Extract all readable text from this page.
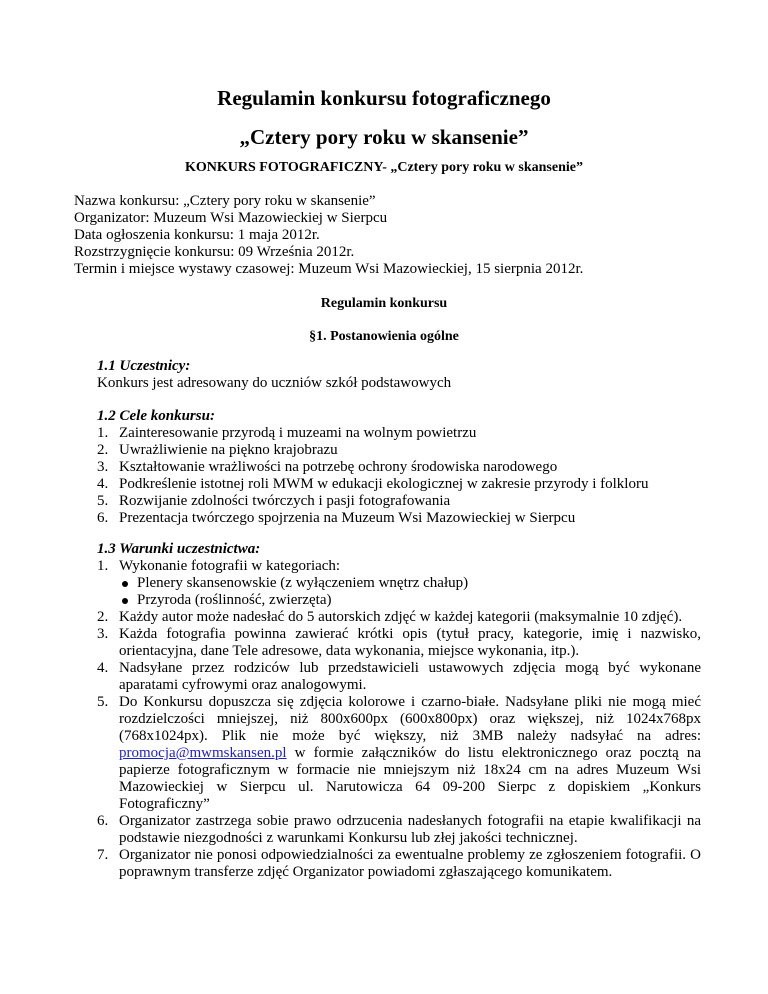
Regulamin konkursu fotograficznego
„Cztery pory roku w skansenie”
KONKURS FOTOGRAFICZNY- „Cztery pory roku w skansenie”
Nazwa konkursu: „Cztery pory roku w skansenie”
Organizator: Muzeum Wsi Mazowieckiej w Sierpcu
Data ogłoszenia konkursu: 1 maja 2012r.
Rozstrzygnięcie konkursu: 09 Września 2012r.
Termin i miejsce wystawy czasowej: Muzeum Wsi Mazowieckiej, 15 sierpnia 2012r.
Regulamin konkursu
§1. Postanowienia ogólne
1.1 Uczestnicy:
Konkurs jest adresowany do uczniów szkół podstawowych
1.2 Cele konkursu:
1. Zainteresowanie przyrodą i muzeami na wolnym powietrzu
2. Uwrażliwienie na piękno krajobrazu
3. Kształtowanie wrażliwości na potrzebę ochrony środowiska narodowego
4. Podkreślenie istotnej roli MWM w edukacji ekologicznej w zakresie przyrody i folkloru
5. Rozwijanie zdolności twórczych i pasji fotografowania
6. Prezentacja twórczego spojrzenia na Muzeum Wsi Mazowieckiej w Sierpcu
1.3 Warunki uczestnictwa:
1. Wykonanie fotografii w kategoriach:
Plenery skansenowskie (z wyłączeniem wnętrz chałup)
Przyroda (roślinność, zwierzęta)
2. Każdy autor może nadesłać do 5 autorskich zdjęć w każdej kategorii (maksymalnie 10 zdjęć).
3. Każda fotografia powinna zawierać krótki opis (tytuł pracy, kategorie, imię i nazwisko, orientacyjna, dane Tele adresowe, data wykonania, miejsce wykonania, itp.).
4. Nadsyłane przez rodziców lub przedstawicieli ustawowych zdjęcia mogą być wykonane aparatami cyfrowymi oraz analogowymi.
5. Do Konkursu dopuszcza się zdjęcia kolorowe i czarno-białe. Nadsyłane pliki nie mogą mieć rozdzielczości mniejszej, niż 800x600px (600x800px) oraz większej, niż 1024x768px (768x1024px). Plik nie może być większy, niż 3MB należy nadsyłać na adres: promocja@mwmskansen.pl w formie załączników do listu elektronicznego oraz pocztą na papierze fotograficznym w formacie nie mniejszym niż 18x24 cm na adres Muzeum Wsi Mazowieckiej w Sierpcu ul. Narutowicza 64 09-200 Sierpc z dopiskiem „Konkurs Fotograficzny”
6. Organizator zastrzega sobie prawo odrzucenia nadesłanych fotografii na etapie kwalifikacji na podstawie niezgodności z warunkami Konkursu lub złej jakości technicznej.
7. Organizator nie ponosi odpowiedzialności za ewentualne problemy ze zgłoszeniem fotografii. O poprawnym transferze zdjęć Organizator powiadomi zgłaszającego komunikatem.
